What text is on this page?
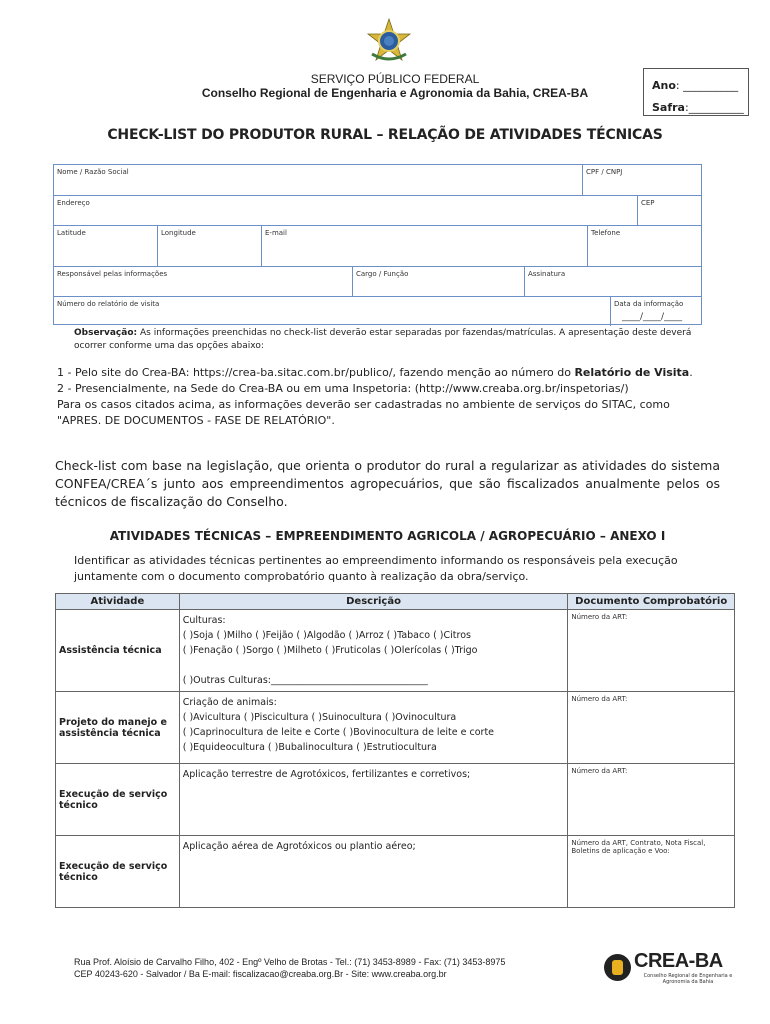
SERVIÇO PÚBLICO FEDERAL
Conselho Regional de Engenharia e Agronomia da Bahia, CREA-BA
Ano: __________
Safra:__________
CHECK-LIST DO PRODUTOR RURAL – RELAÇÃO DE ATIVIDADES TÉCNICAS
Nome / Razão Social	CPF / CNPJ
Endereço	CEP
Latitude	Longitude	E-mail	Telefone
Responsável pelas informações	Cargo / Função	Assinatura
Número do relatório de visita	Data da informação
____/____/____
Observação: As informações preenchidas no check-list deverão estar separadas por fazendas/matrículas. A apresentação deste deverá ocorrer conforme uma das opções abaixo:
1 - Pelo site do Crea-BA: https://crea-ba.sitac.com.br/publico/, fazendo menção ao número do Relatório de Visita.
2 - Presencialmente, na Sede do Crea-BA ou em uma Inspetoria: (http://www.creaba.org.br/inspetorias/)
Para os casos citados acima, as informações deverão ser cadastradas no ambiente de serviços do SITAC, como "APRES. DE DOCUMENTOS - FASE DE RELATÓRIO".
Check-list com base na legislação, que orienta o produtor do rural a regularizar as atividades do sistema CONFEA/CREA´s junto aos empreendimentos agropecuários, que são fiscalizados anualmente pelos os técnicos de fiscalização do Conselho.
ATIVIDADES TÉCNICAS – EMPREENDIMENTO AGRICOLA / AGROPECUÁRIO – ANEXO I
Identificar as atividades técnicas pertinentes ao empreendimento informando os responsáveis pela execução juntamente com o documento comprobatório quanto à realização da obra/serviço.
Atividade	Descrição	Documento Comprobatório
Assistência técnica	Culturas:
( )Soja ( )Milho ( )Feijão ( )Algodão ( )Arroz ( )Tabaco ( )Citros
( )Fenação ( )Sorgo ( )Milheto ( )Fruticolas ( )Olerícolas ( )Trigo
( )Outras Culturas:_________________________________	Número da ART:
Projeto do manejo e assistência técnica	Criação de animais:
( )Avicultura ( )Piscicultura ( )Suinocultura ( )Ovinocultura
( )Caprinocultura de leite e Corte ( )Bovinocultura de leite e corte
( )Equideocultura ( )Bubalinocultura ( )Estrutiocultura	Número da ART:
Execução de serviço técnico	Aplicação terrestre de Agrotóxicos, fertilizantes e corretivos;	Número da ART:
Execução de serviço técnico	Aplicação aérea de Agrotóxicos ou plantio aéreo;	Número da ART, Contrato, Nota Fiscal, Boletins de aplicação e Voo:
Rua Prof. Aloísio de Carvalho Filho, 402 - Engº Velho de Brotas - Tel.: (71) 3453-8989 - Fax: (71) 3453-8975
CEP 40243-620 - Salvador / Ba E-mail: fiscalizacao@creaba.org.Br - Site: www.creaba.org.br
CREA-BA
Conselho Regional de Engenharia e Agronomia da Bahia
